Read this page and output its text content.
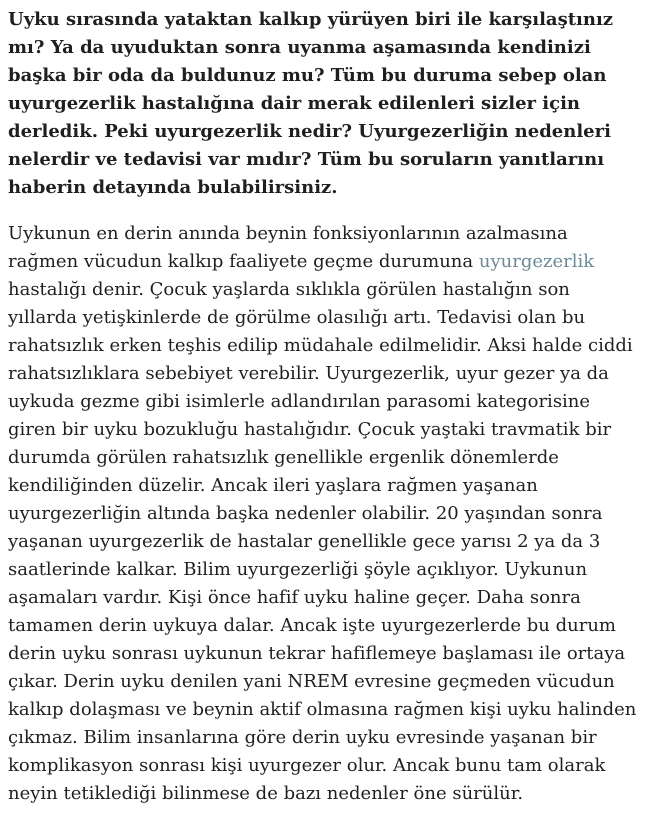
Uyku sırasında yataktan kalkıp yürüyen biri ile karşılaştınız mı? Ya da uyuduktan sonra uyanma aşamasında kendinizi başka bir oda da buldunuz mu? Tüm bu duruma sebep olan uyurgezerlik hastalığına dair merak edilenleri sizler için derledik. Peki uyurgezerlik nedir? Uyurgezerliğin nedenleri nelerdir ve tedavisi var mıdır? Tüm bu soruların yanıtlarını haberin detayında bulabilirsiniz.

Uykunun en derin anında beynin fonksiyonlarının azalmasına rağmen vücudun kalkıp faaliyete geçme durumuna uyurgezerlik hastalığı denir. Çocuk yaşlarda sıklıkla görülen hastalığın son yıllarda yetişkinlerde de görülme olasılığı artı. Tedavisi olan bu rahatsızlık erken teşhis edilip müdahale edilmelidir. Aksi halde ciddi rahatsızlıklara sebebiyet verebilir. Uyurgezerlik, uyur gezer ya da uykuda gezme gibi isimlerle adlandırılan parasomi kategorisine giren bir uyku bozukluğu hastalığıdır. Çocuk yaştaki travmatik bir durumda görülen rahatsızlık genellikle ergenlik dönemlerde kendiliğinden düzelir. Ancak ileri yaşlara rağmen yaşanan uyurgezerliğin altında başka nedenler olabilir. 20 yaşından sonra yaşanan uyurgezerlik de hastalar genellikle gece yarısı 2 ya da 3 saatlerinde kalkar. Bilim uyurgezerliği şöyle açıklıyor. Uykunun aşamaları vardır. Kişi önce hafif uyku haline geçer. Daha sonra tamamen derin uykuya dalar. Ancak işte uyurgezerlerde bu durum derin uyku sonrası uykunun tekrar hafiflemeye başlaması ile ortaya çıkar. Derin uyku denilen yani NREM evresine geçmeden vücudun kalkıp dolaşması ve beynin aktif olmasına rağmen kişi uyku halinden çıkmaz. Bilim insanlarına göre derin uyku evresinde yaşanan bir komplikasyon sonrası kişi uyurgezer olur. Ancak bunu tam olarak neyin tetiklediği bilinmese de bazı nedenler öne sürülür.
